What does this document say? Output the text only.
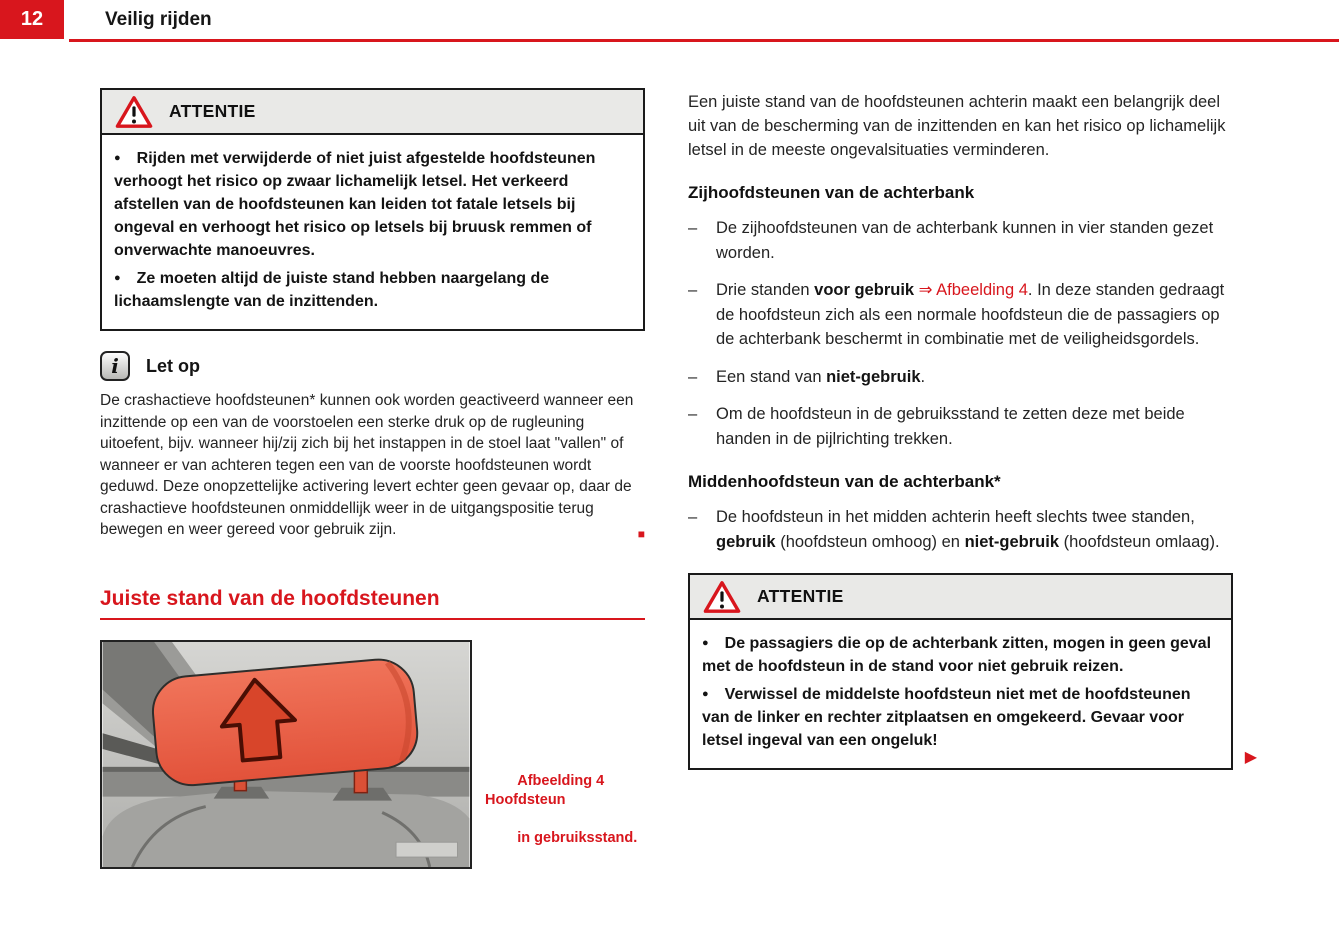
12	Veilig rijden
ATTENTIE

● Rijden met verwijderde of niet juist afgestelde hoofdsteunen verhoogt het risico op zwaar lichamelijk letsel. Het verkeerd afstellen van de hoofdsteunen kan leiden tot fatale letsels bij ongeval en verhoogt het risico op letsels bij bruusk remmen of onverwachte manoeuvres.

● Ze moeten altijd de juiste stand hebben naargelang de lichaamslengte van de inzittenden.

i Let op

De crashactieve hoofdsteunen* kunnen ook worden geactiveerd wanneer een inzittende op een van de voorstoelen een sterke druk op de rugleuning uitoefent, bijv. wanneer hij/zij zich bij het instappen in de stoel laat "vallen" of wanneer er van achteren tegen een van de voorste hoofdsteunen wordt geduwd. Deze onopzettelijke activering levert echter geen gevaar op, daar de crashactieve hoofdsteunen onmiddellijk weer in de uitgangspositie terug bewegen en weer gereed voor gebruik zijn.	■

Juiste stand van de hoofdsteunen

Afbeelding 4  Hoofdsteun

in gebruiksstand.

Een juiste stand van de hoofdsteunen achterin maakt een belangrijk deel uit van de bescherming van de inzittenden en kan het risico op lichamelijk letsel in de meeste ongevalsituaties verminderen.

Zijhoofdsteunen van de achterbank
–	De zijhoofdsteunen van de achterbank kunnen in vier standen gezet worden.
–	Drie standen voor gebruik ⇒ Afbeelding 4. In deze standen gedraagt de hoofdsteun zich als een normale hoofdsteun die de passagiers op de achterbank beschermt in combinatie met de veiligheidsgordels.
–	Een stand van niet-gebruik.
–	Om de hoofdsteun in de gebruiksstand te zetten deze met beide handen in de pijlrichting trekken.
Middenhoofdsteun van de achterbank*
–	De hoofdsteun in het midden achterin heeft slechts twee standen, gebruik (hoofdsteun omhoog) en niet-gebruik (hoofdsteun omlaag).
ATTENTIE

● De passagiers die op de achterbank zitten, mogen in geen geval met de hoofdsteun in de stand voor niet gebruik reizen.

● Verwissel de middelste hoofdsteun niet met de hoofdsteunen van de linker en rechter zitplaatsen en omgekeerd. Gevaar voor letsel ingeval van een ongeluk!

▶
